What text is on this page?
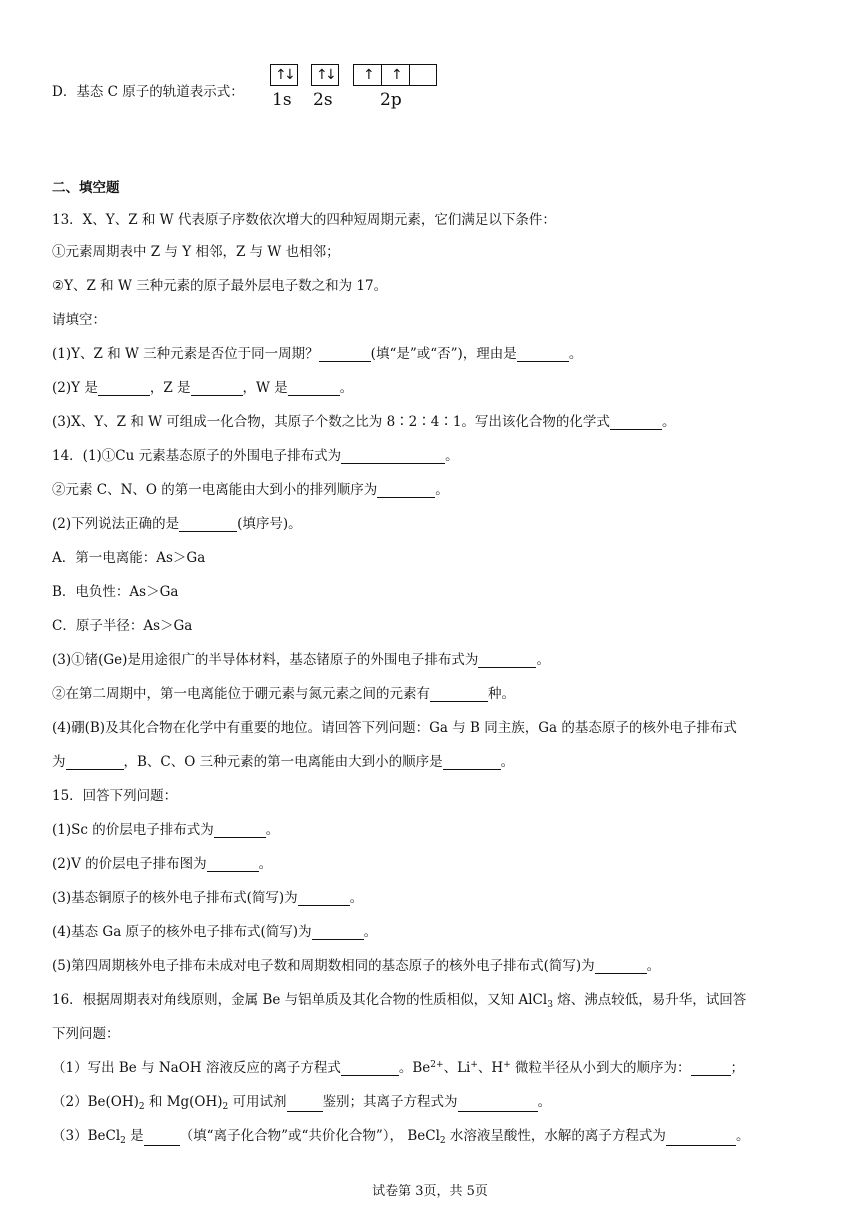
D．基态 C 原子的轨道表示式：
↑
↓ ↑
↓ ↑ ↑
1s 2s	2p
二、填空题
13．X、Y、Z 和 W 代表原子序数依次增大的四种短周期元素，它们满足以下条件：
①元素周期表中 Z 与 Y 相邻，Z 与 W 也相邻；
②Y、Z 和 W 三种元素的原子最外层电子数之和为 17。
请填空：
(1)Y、Z 和 W 三种元素是否位于同一周期？	(填“是”或“否”)，理由是	。
(2)Y 是	，Z 是	，W 是	。
(3)X、Y、Z 和 W 可组成一化合物，其原子个数之比为 8∶2∶4∶1。写出该化合物的化学式	。
14．(1)①Cu 元素基态原子的外围电子排布式为	。
②元素 C、N、O 的第一电离能由大到小的排列顺序为	。
(2)下列说法正确的是	(填序号)。
A．第一电离能：As＞Ga
B．电负性：As＞Ga
C．原子半径：As＞Ga
(3)①锗(Ge)是用途很广的半导体材料，基态锗原子的外围电子排布式为	。
②在第二周期中，第一电离能位于硼元素与氮元素之间的元素有	种。
(4)硼(B)及其化合物在化学中有重要的地位。请回答下列问题：Ga 与 B 同主族，Ga 的基态原子的核外电子排布式
为	，B、C、O 三种元素的第一电离能由大到小的顺序是	。
15．回答下列问题：
(1)Sc 的价层电子排布式为	。
(2)V 的价层电子排布图为	。
(3)基态铜原子的核外电子排布式(简写)为	。
(4)基态 Ga 原子的核外电子排布式(简写)为	。
(5)第四周期核外电子排布未成对电子数和周期数相同的基态原子的核外电子排布式(简写)为	。
16．根据周期表对角线原则，金属 Be 与铝单质及其化合物的性质相似，又知 AlCl$_3$ 熔、沸点较低，易升华，试回答
下列问题：
（1）写出 Be 与 NaOH 溶液反应的离子方程式	。$Be^{2+}$、Li+、H+ 微粒半径从小到大的顺序为：	；
$(2)Be(OH)_2$ 和 $Mg(OH)_2$ 可用试剂	鉴别；其离子方程式为	。
（3）BeCl$_2$ 是	（填“离子化合物”或“共价化合物”）， BeCl$_2$ 水溶液呈酸性，水解的离子方程式为	。
试卷第 3页，共 5页
